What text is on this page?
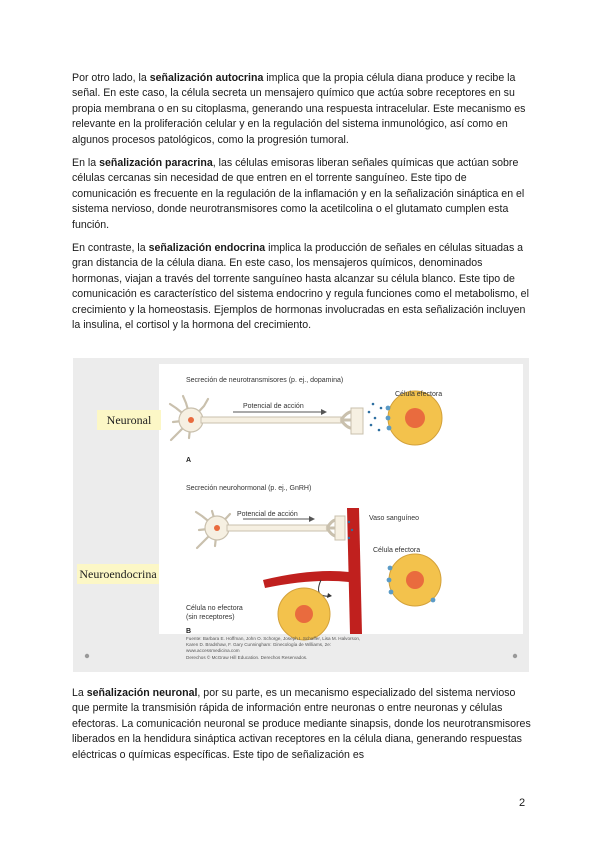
Por otro lado, la señalización autocrina implica que la propia célula diana produce y recibe la señal. En este caso, la célula secreta un mensajero químico que actúa sobre receptores en su propia membrana o en su citoplasma, generando una respuesta intracelular. Este mecanismo es relevante en la proliferación celular y en la regulación del sistema inmunológico, así como en algunos procesos patológicos, como la progresión tumoral.

En la señalización paracrina, las células emisoras liberan señales químicas que actúan sobre células cercanas sin necesidad de que entren en el torrente sanguíneo. Este tipo de comunicación es frecuente en la regulación de la inflamación y en la señalización sináptica en el sistema nervioso, donde neurotransmisores como la acetilcolina o el glutamato cumplen esta función.

En contraste, la señalización endocrina implica la producción de señales en células situadas a gran distancia de la célula diana. En este caso, los mensajeros químicos, denominados hormonas, viajan a través del torrente sanguíneo hasta alcanzar su célula blanco. Este tipo de comunicación es característico del sistema endocrino y regula funciones como el metabolismo, el crecimiento y la homeostasis. Ejemplos de hormonas involucradas en esta señalización incluyen la insulina, el cortisol y la hormona del crecimiento.

Secreción de neurotransmisores (p. ej., dopamina)
Neuronal
Potencial de acción
Célula efectora
A
Secreción neurohormonal (p. ej., GnRH)
Neuroendocrina
Potencial de acción
Vaso sanguíneo
Célula efectora
Célula no efectora
(sin receptores)
B
Fuente: Barbara E. Hoffman, John O. Schorge, Joseph I. Schaffer, Lisa M. Halvorson,
Karen D. Bradshaw, F. Gary Cunningham: Ginecología de Williams, 2e:
www.accessmedicina.com
Derechos © McGraw Hill Education. Derechos Reservados.

La señalización neuronal, por su parte, es un mecanismo especializado del sistema nervioso que permite la transmisión rápida de información entre neuronas o entre neuronas y células efectoras. La comunicación neuronal se produce mediante sinapsis, donde los neurotransmisores liberados en la hendidura sináptica activan receptores en la célula diana, generando respuestas eléctricas o químicas específicas. Este tipo de señalización es

2
